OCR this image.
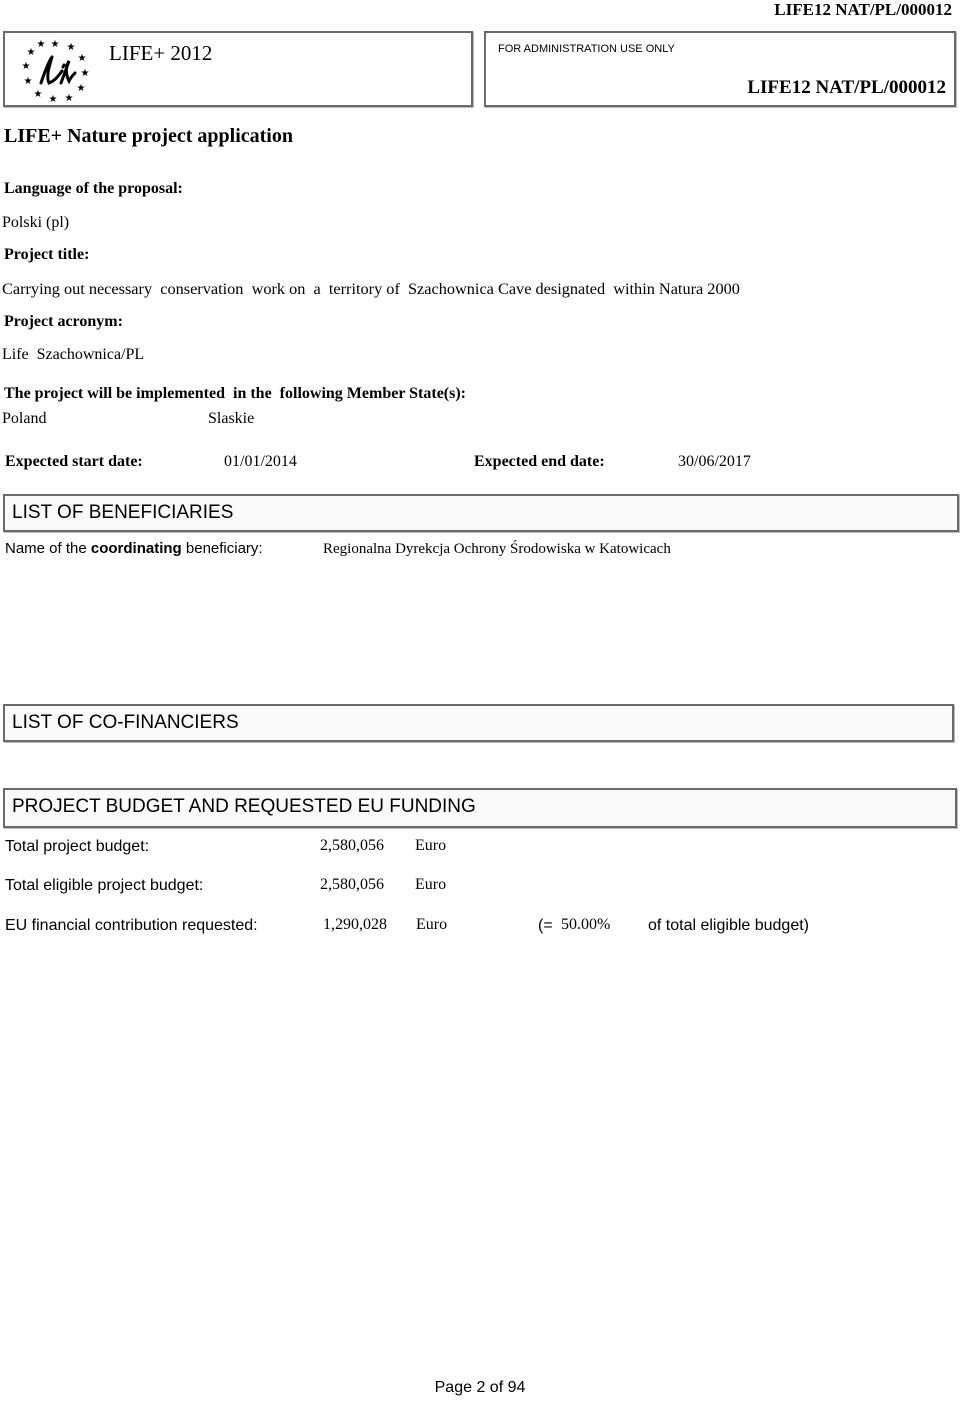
LIFE12 NAT/PL/000012
★ ★
★
★
★
★
★
★
★
★
★
★	LIFE+ 2012	FOR ADMINISTRATION USE ONLY
LIFE12 NAT/PL/000012
LIFE+ Nature project application
Language of the proposal:
Polski (pl)
Project title:
Carrying out necessary  conservation  work on  a  territory of  Szachownica Cave designated  within Natura 2000
Project acronym:
Life  Szachownica/PL
The project will be implemented  in the  following Member State(s):
Poland	Slaskie
Expected start date:	01/01/2014	Expected end date:	30/06/2017
LIST OF BENEFICIARIES
Name of the coordinating beneficiary:	Regionalna Dyrekcja Ochrony Środowiska w Katowicach
LIST OF CO-FINANCIERS
PROJECT BUDGET AND REQUESTED EU FUNDING
Total project budget:	2,580,056 Euro
Total eligible project budget:	2,580,056 Euro
EU financial contribution requested:	1,290,028 Euro	(= 50.00% of total eligible budget)
Page 2 of 94
